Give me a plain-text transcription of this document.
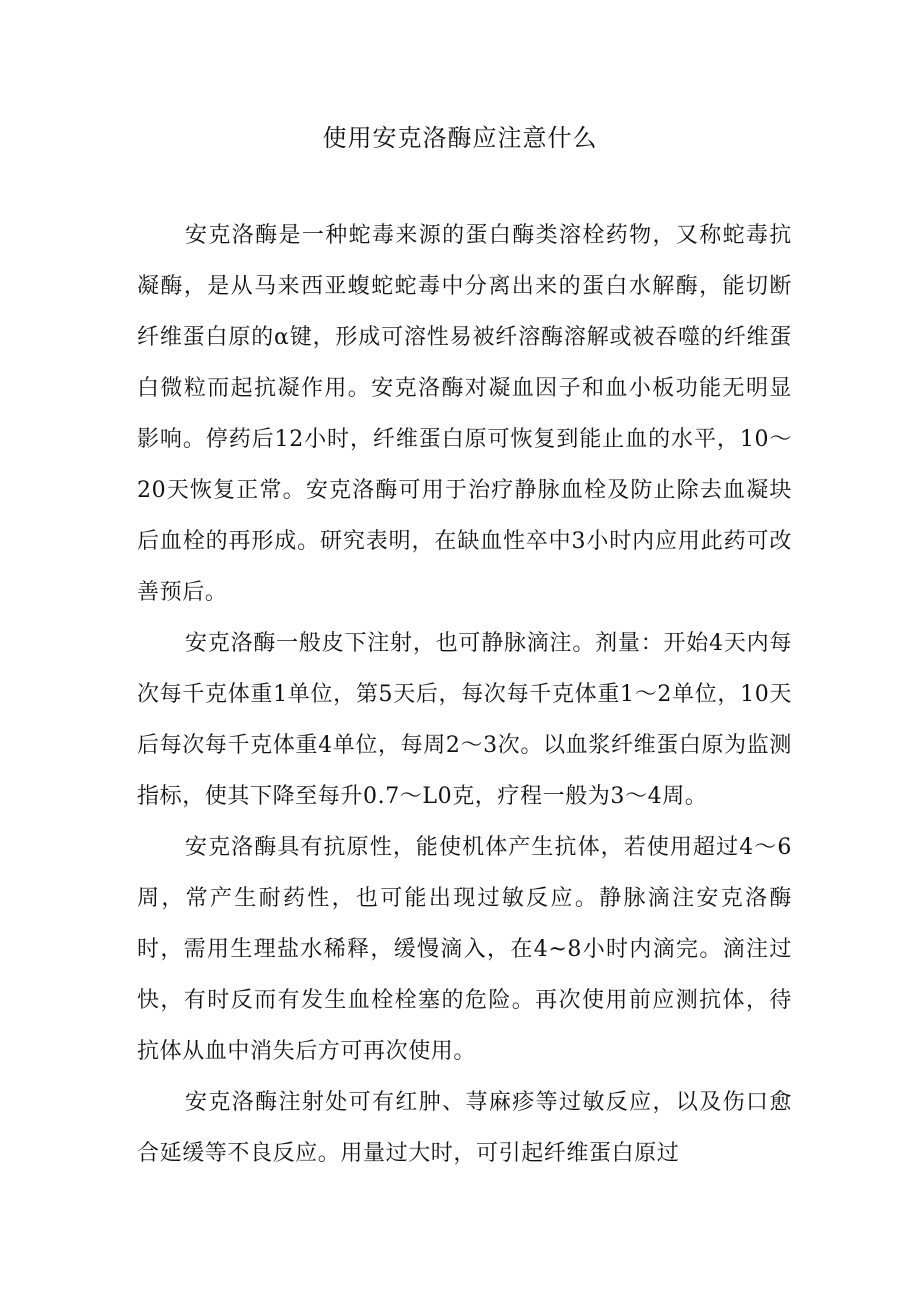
使用安克洛酶应注意什么

安克洛酶是一种蛇毒来源的蛋白酶类溶栓药物，又称蛇毒抗凝酶，是从马来西亚蝮蛇蛇毒中分离出来的蛋白水解酶，能切断纤维蛋白原的α键，形成可溶性易被纤溶酶溶解或被吞噬的纤维蛋白微粒而起抗凝作用。安克洛酶对凝血因子和血小板功能无明显影响。停药后12小时，纤维蛋白原可恢复到能止血的水平，10～20天恢复正常。安克洛酶可用于治疗静脉血栓及防止除去血凝块后血栓的再形成。研究表明，在缺血性卒中3小时内应用此药可改善预后。

安克洛酶一般皮下注射，也可静脉滴注。剂量：开始4天内每次每千克体重1单位，第5天后，每次每千克体重1～2单位，10天后每次每千克体重4单位，每周2～3次。以血浆纤维蛋白原为监测指标，使其下降至每升0.7～L0克，疗程一般为3～4周。

安克洛酶具有抗原性，能使机体产生抗体，若使用超过4～6周，常产生耐药性，也可能出现过敏反应。静脉滴注安克洛酶时，需用生理盐水稀释，缓慢滴入，在4~8小时内滴完。滴注过快，有时反而有发生血栓栓塞的危险。再次使用前应测抗体，待抗体从血中消失后方可再次使用。

安克洛酶注射处可有红肿、荨麻疹等过敏反应，以及伤口愈合延缓等不良反应。用量过大时，可引起纤维蛋白原过
